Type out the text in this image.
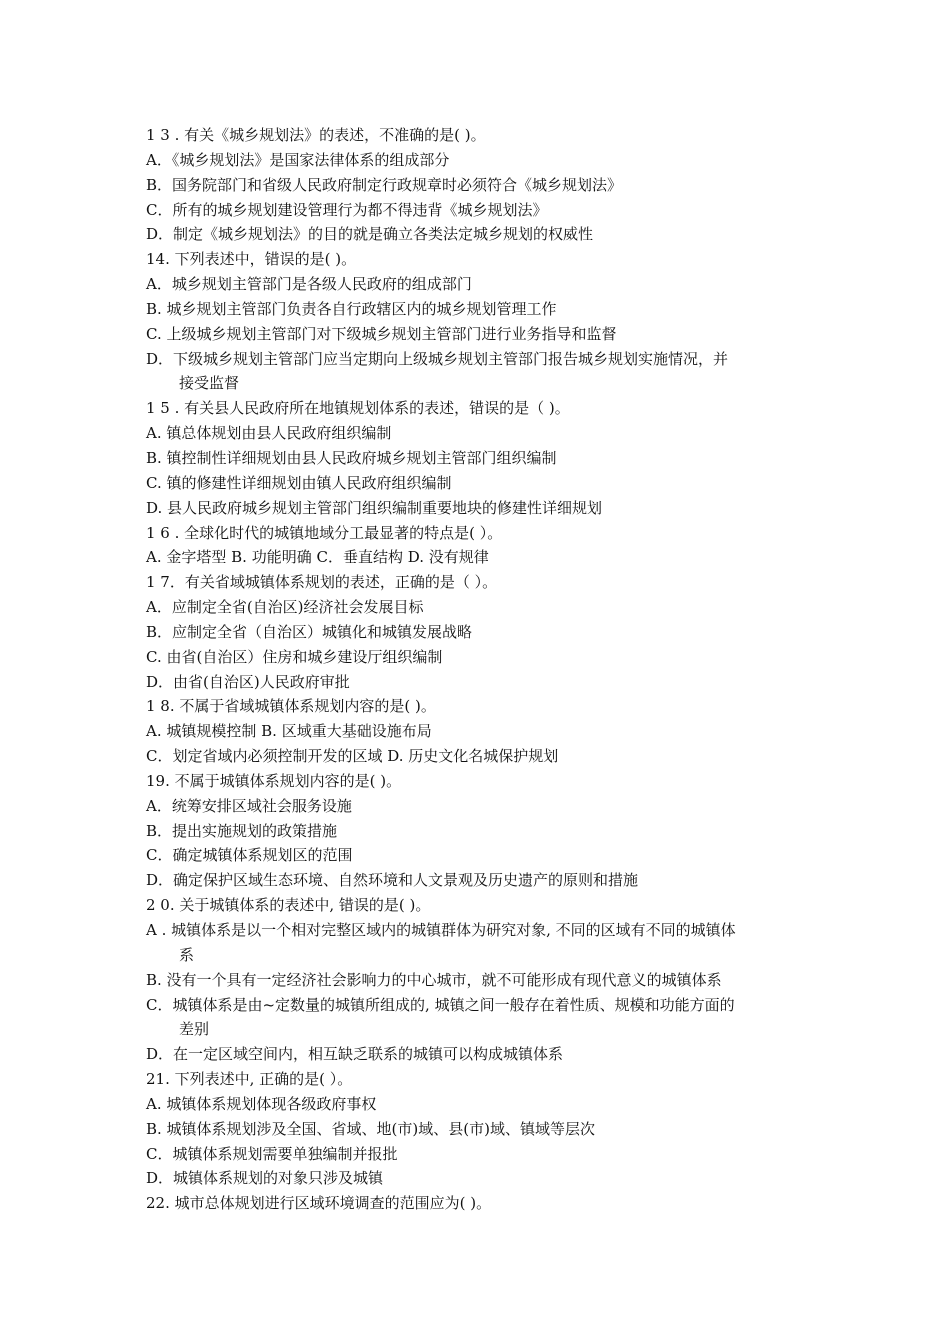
1 3 . 有关《城乡规划法》的表述，不准确的是( )。
A．《城乡规划法》是国家法律体系的组成部分
B．国务院部门和省级人民政府制定行政规章时必须符合《城乡规划法》
C．所有的城乡规划建设管理行为都不得违背《城乡规划法》
D．制定《城乡规划法》的目的就是确立各类法定城乡规划的权威性
14. 下列表述中，错误的是( )。
A．城乡规划主管部门是各级人民政府的组成部门
B. 城乡规划主管部门负责各自行政辖区内的城乡规划管理工作
C. 上级城乡规划主管部门对下级城乡规划主管部门进行业务指导和监督
D．下级城乡规划主管部门应当定期向上级城乡规划主管部门报告城乡规划实施情况，并
接受监督
1 5 . 有关县人民政府所在地镇规划体系的表述，错误的是（ )。
A. 镇总体规划由县人民政府组织编制
B. 镇控制性详细规划由县人民政府城乡规划主管部门组织编制
C. 镇的修建性详细规划由镇人民政府组织编制
D. 县人民政府城乡规划主管部门组织编制重要地块的修建性详细规划
1 6 . 全球化时代的城镇地域分工最显著的特点是( ）。
A. 金字塔型 B. 功能明确 C．垂直结构 D. 没有规律
1 7．有关省域城镇体系规划的表述，正确的是（ ）。
A．应制定全省(自治区)经济社会发展目标
B．应制定全省（自治区）城镇化和城镇发展战略
C. 由省(自治区）住房和城乡建设厅组织编制
D．由省(自治区)人民政府审批
1 8. 不属于省域城镇体系规划内容的是( )。
A. 城镇规模控制 B. 区域重大基础设施布局
C．划定省域内必须控制开发的区域 D. 历史文化名城保护规划
19. 不属于城镇体系规划内容的是( )。
A．统筹安排区域社会服务设施
B．提出实施规划的政策措施
C．确定城镇体系规划区的范围
D．确定保护区域生态环境、自然环境和人文景观及历史遗产的原则和措施
2 0. 关于城镇体系的表述中, 错误的是( )。
A . 城镇体系是以一个相对完整区域内的城镇群体为研究对象, 不同的区域有不同的城镇体
系
B. 没有一个具有一定经济社会影响力的中心城市，就不可能形成有现代意义的城镇体系
C．城镇体系是由~定数量的城镇所组成的, 城镇之间一般存在着性质、规模和功能方面的
差别
D．在一定区域空间内，相互缺乏联系的城镇可以构成城镇体系
21. 下列表述中, 正确的是( ）。
A. 城镇体系规划体现各级政府事权
B. 城镇体系规划涉及全国、省域、地(市)域、县(市)域、镇域等层次
C．城镇体系规划需要单独编制并报批
D．城镇体系规划的对象只涉及城镇
22. 城市总体规划进行区域环境调查的范围应为( )。
